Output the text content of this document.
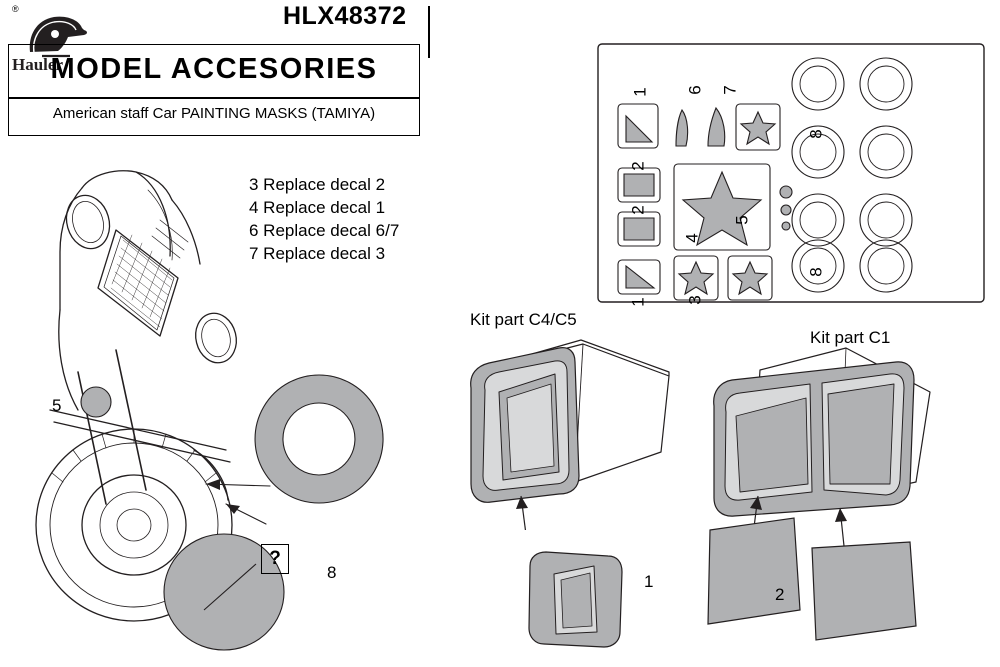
Hauler
®	HLX48372
MODEL ACCESORIES
American staff Car PAINTING MASKS (TAMIYA)
3 Replace decal 2
4 Replace decal 1
6 Replace decal 6/7
7 Replace decal 3
5
?
8
1 6 7
2
2
4
5
1 3
8
8
Kit part C4/C5
1
Kit part C1
2
